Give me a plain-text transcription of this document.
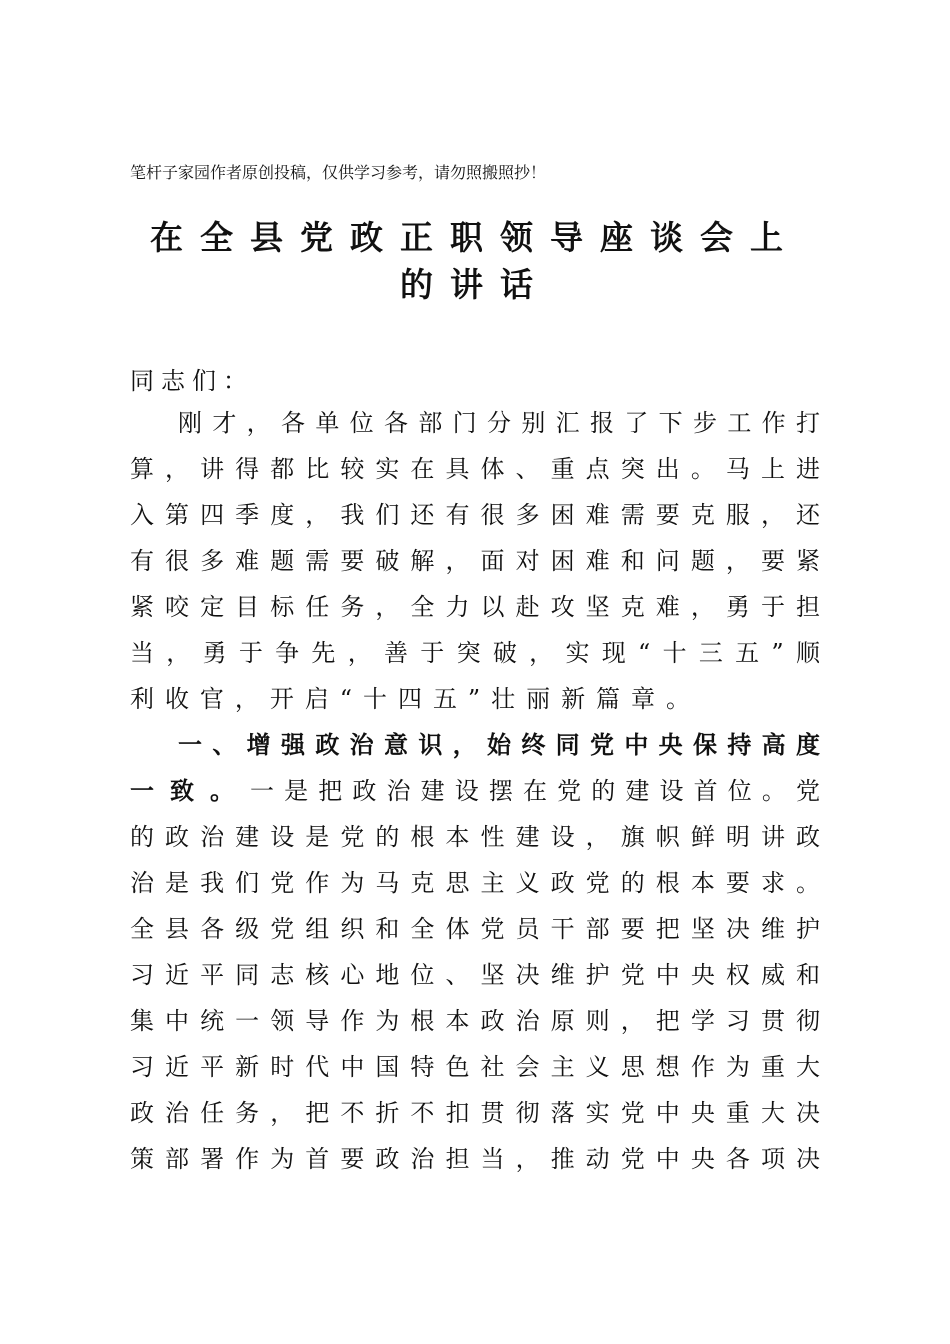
笔杆子家园作者原创投稿，仅供学习参考，请勿照搬照抄！
在全县党政正职领导座谈会上
的讲话
同志们：
刚才，各单位各部门分别汇报了下步工作打
算，讲得都比较实在具体、重点突出。马上进
入第四季度，我们还有很多困难需要克服，还
有很多难题需要破解，面对困难和问题，要紧
紧咬定目标任务，全力以赴攻坚克难，勇于担
当，勇于争先，善于突破，实现“十三五”顺
利收官，开启“十四五”壮丽新篇章。
一、增强政治意识，始终同党中央保持高度
一致。 一是把政治建设摆在党的建设首位。党
的政治建设是党的根本性建设，旗帜鲜明讲政
治是我们党作为马克思主义政党的根本要求。
全县各级党组织和全体党员干部要把坚决维护
习近平同志核心地位、坚决维护党中央权威和
集中统一领导作为根本政治原则，把学习贯彻
习近平新时代中国特色社会主义思想作为重大
政治任务，把不折不扣贯彻落实党中央重大决
策部署作为首要政治担当，推动党中央各项决
